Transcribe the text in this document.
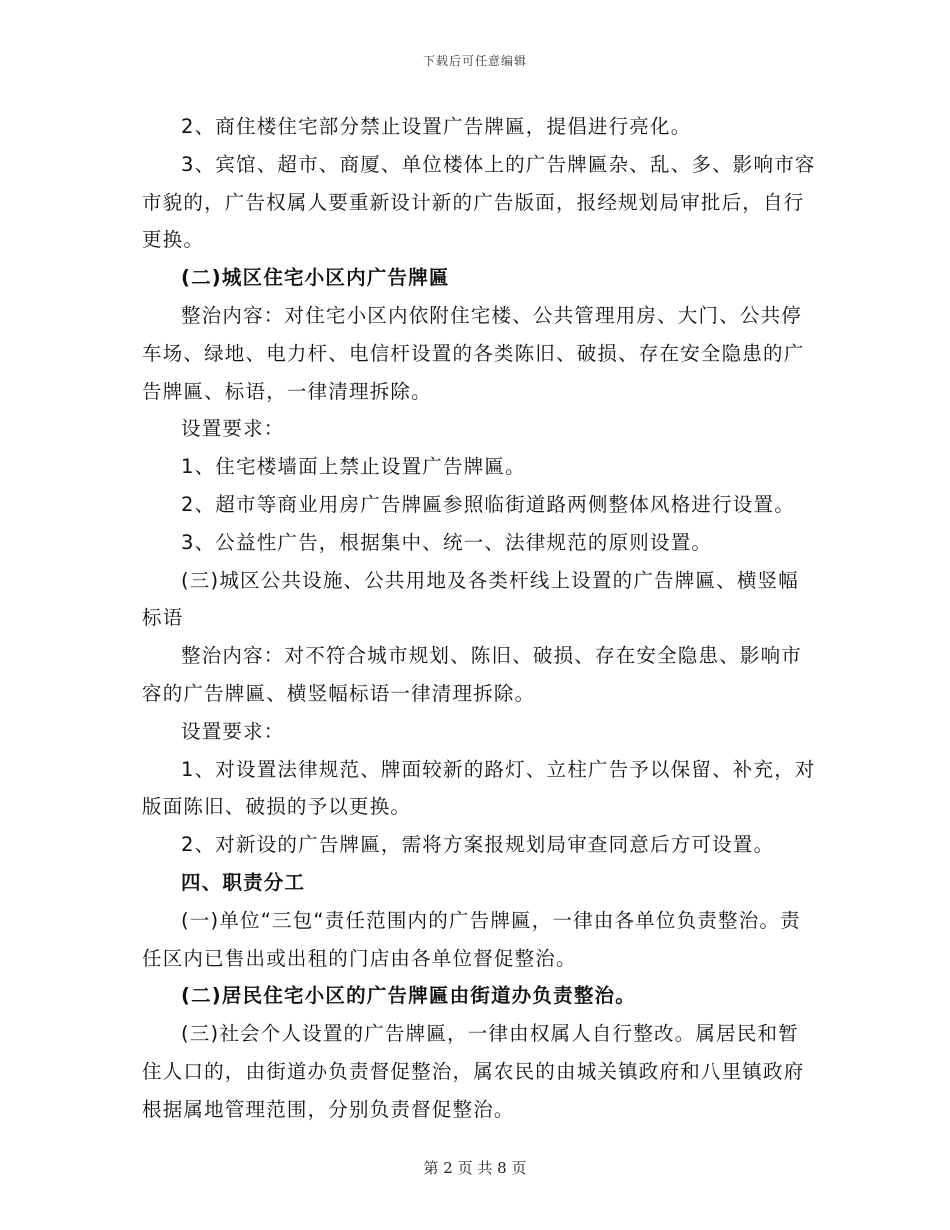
下载后可任意编辑

2、商住楼住宅部分禁止设置广告牌匾，提倡进行亮化。

3、宾馆、超市、商厦、单位楼体上的广告牌匾杂、乱、多、影响市容市貌的，广告权属人要重新设计新的广告版面，报经规划局审批后，自行更换。

(二)城区住宅小区内广告牌匾

整治内容：对住宅小区内依附住宅楼、公共管理用房、大门、公共停车场、绿地、电力杆、电信杆设置的各类陈旧、破损、存在安全隐患的广告牌匾、标语，一律清理拆除。

设置要求：

1、住宅楼墙面上禁止设置广告牌匾。

2、超市等商业用房广告牌匾参照临街道路两侧整体风格进行设置。

3、公益性广告，根据集中、统一、法律规范的原则设置。

(三)城区公共设施、公共用地及各类杆线上设置的广告牌匾、横竖幅标语

整治内容：对不符合城市规划、陈旧、破损、存在安全隐患、影响市容的广告牌匾、横竖幅标语一律清理拆除。

设置要求：

1、对设置法律规范、牌面较新的路灯、立柱广告予以保留、补充，对版面陈旧、破损的予以更换。

2、对新设的广告牌匾，需将方案报规划局审查同意后方可设置。

四、职责分工

(一)单位“三包“责任范围内的广告牌匾，一律由各单位负责整治。责任区内已售出或出租的门店由各单位督促整治。

(二)居民住宅小区的广告牌匾由街道办负责整治。

(三)社会个人设置的广告牌匾，一律由权属人自行整改。属居民和暂住人口的，由街道办负责督促整治，属农民的由城关镇政府和八里镇政府根据属地管理范围，分别负责督促整治。

第 2 页 共 8 页
